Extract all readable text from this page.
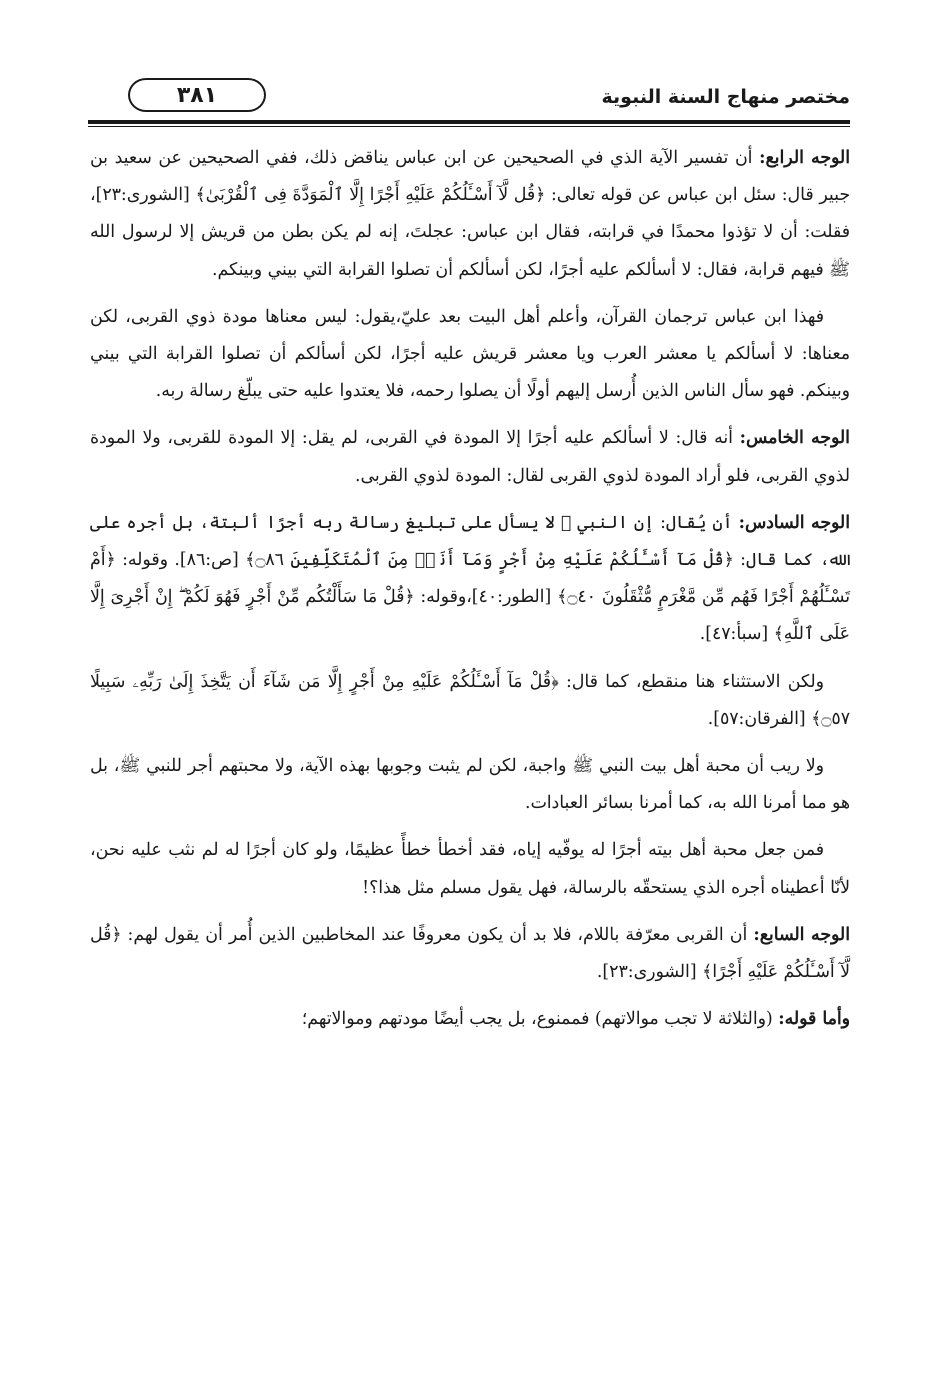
مختصر منهاج السنة النبوية
٣٨١

الوجه الرابع: أن تفسير الآية الذي في الصحيحين عن ابن عباس يناقض ذلك، ففي الصحيحين عن سعيد بن جبير قال: سئل ابن عباس عن قوله تعالى: ﴿قُل لَّآ أَسْـَٔلُكُمْ عَلَيْهِ أَجْرًا إِلَّا ٱلْمَوَدَّةَ فِى ٱلْقُرْبَىٰ﴾ [الشورى:٢٣]، فقلت: أن لا تؤذوا محمدًا في قرابته، فقال ابن عباس: عجلتَ، إنه لم يكن بطن من قريش إلا لرسول الله ﷺ فيهم قرابة، فقال: لا أسألكم عليه أجرًا، لكن أسألكم أن تصلوا القرابة التي بيني وبينكم.

فهذا ابن عباس ترجمان القرآن، وأعلم أهل البيت بعد عليّ،يقول: ليس معناها مودة ذوي القربى، لكن معناها: لا أسألكم يا معشر العرب ويا معشر قريش عليه أجرًا، لكن أسألكم أن تصلوا القرابة التي بيني وبينكم. فهو سأل الناس الذين أُرسل إليهم أولًا أن يصلوا رحمه، فلا يعتدوا عليه حتى يبلّغ رسالة ربه.

الوجه الخامس: أنه قال: لا أسألكم عليه أجرًا إلا المودة في القربى، لم يقل: إلا المودة للقربى، ولا المودة لذوي القربى، فلو أراد المودة لذوي القربى لقال: المودة لذوي القربى.

الوجه السادس: أن يُقال: إن النبي ﷺ لا يسأل على تبليغ رسالة ربه أجرًا ألبتة، بل أجره على الله، كما قال: ﴿قُلْ مَآ أَسْـَٔلُكُمْ عَلَيْهِ مِنْ أَجْرٍ وَمَآ أَنَا۠ مِنَ ٱلْمُتَكَلِّفِينَ ۝٨٦﴾ [ص:٨٦]. وقوله: ﴿أَمْ تَسْـَٔلُهُمْ أَجْرًا فَهُم مِّن مَّغْرَمٍ مُّثْقَلُونَ ۝٤٠﴾ [الطور:٤٠]،وقوله: ﴿قُلْ مَا سَأَلْتُكُم مِّنْ أَجْرٍ فَهُوَ لَكُمْ ۖ إِنْ أَجْرِىَ إِلَّا عَلَى ٱللَّهِ﴾ [سبأ:٤٧].

ولكن الاستثناء هنا منقطع، كما قال: ﴿قُلْ مَآ أَسْـَٔلُكُمْ عَلَيْهِ مِنْ أَجْرٍ إِلَّا مَن شَآءَ أَن يَتَّخِذَ إِلَىٰ رَبِّهِۦ سَبِيلًا ۝٥٧﴾ [الفرقان:٥٧].

ولا ريب أن محبة أهل بيت النبي ﷺ واجبة، لكن لم يثبت وجوبها بهذه الآية، ولا محبتهم أجر للنبي ﷺ، بل هو مما أمرنا الله به، كما أمرنا بسائر العبادات.

فمن جعل محبة أهل بيته أجرًا له يوفّيه إياه، فقد أخطأ خطأً عظيمًا، ولو كان أجرًا له لم نثب عليه نحن، لأنّا أعطيناه أجره الذي يستحقّه بالرسالة، فهل يقول مسلم مثل هذا؟!

الوجه السابع: أن القربى معرّفة باللام، فلا بد أن يكون معروفًا عند المخاطبين الذين أُمر أن يقول لهم: ﴿قُل لَّآ أَسْـَٔلُكُمْ عَلَيْهِ أَجْرًا﴾ [الشورى:٢٣].

وأما قوله: (والثلاثة لا تجب موالاتهم) فممنوع، بل يجب أيضًا مودتهم وموالاتهم؛
